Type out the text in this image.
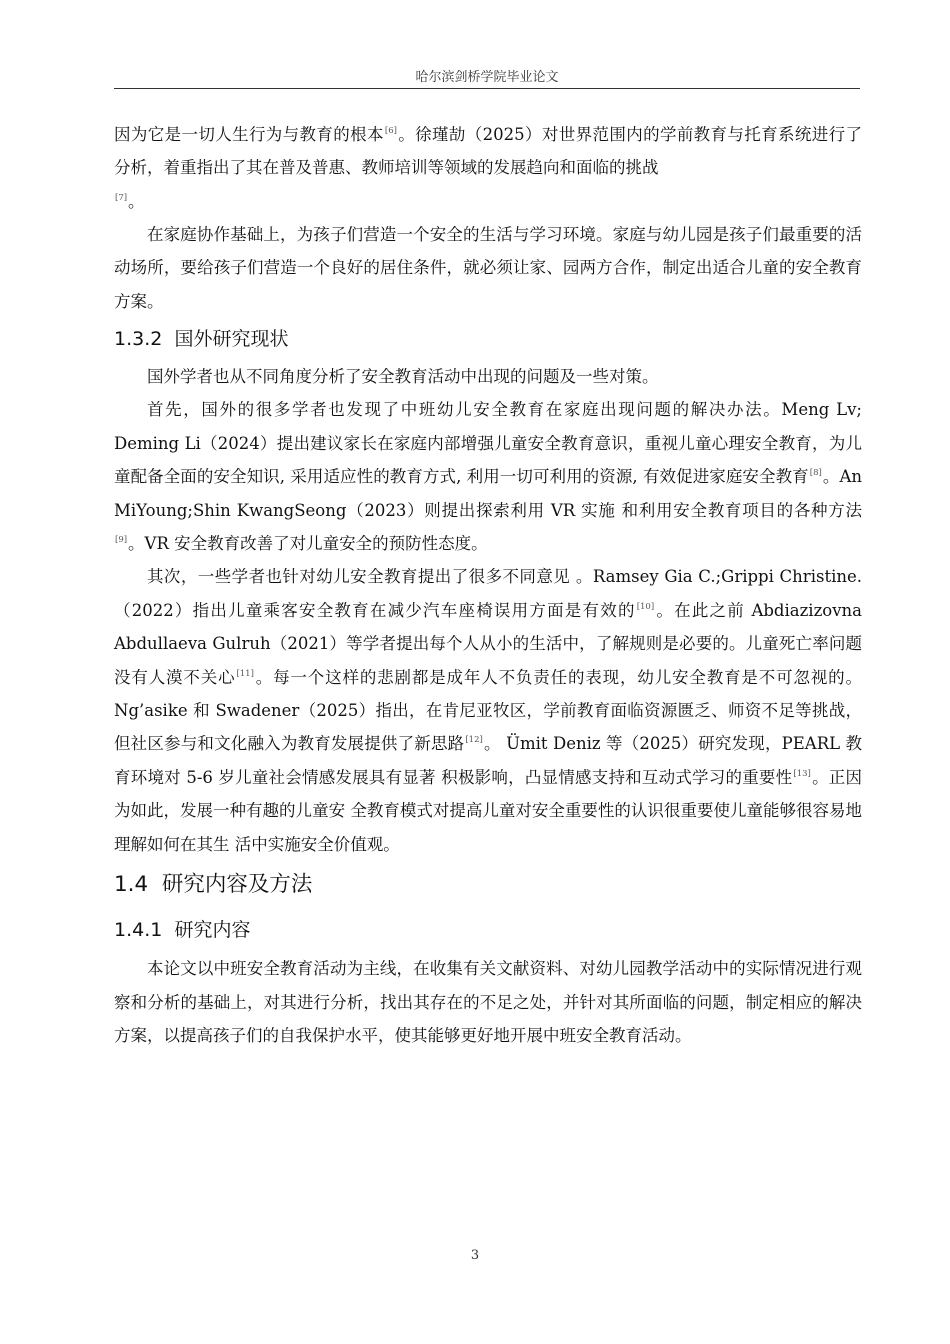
哈尔滨剑桥学院毕业论文

因为它是一切人生行为与教育的根本[6]。徐瑾劼（2025）对世界范围内的学前教育与托育系统进行了分析，着重指出了其在普及普惠、教师培训等领域的发展趋向和面临的挑战
[7]。

在家庭协作基础上，为孩子们营造一个安全的生活与学习环境。家庭与幼儿园是孩子们最重要的活动场所，要给孩子们营造一个良好的居住条件，就必须让家、园两方合作，制定出适合儿童的安全教育方案。

1.3.2 国外研究现状

国外学者也从不同角度分析了安全教育活动中出现的问题及一些对策。

首先，国外的很多学者也发现了中班幼儿安全教育在家庭出现问题的解决办法。Meng Lv; Deming Li（2024）提出建议家长在家庭内部增强儿童安全教育意识，重视儿童心理安全教育，为儿童配备全面的安全知识, 采用适应性的教育方式, 利用一切可利用的资源, 有效促进家庭安全教育[8]。An MiYoung;Shin KwangSeong（2023）则提出探索利用 VR 实施 和利用安全教育项目的各种方法[9]。VR 安全教育改善了对儿童安全的预防性态度。

其次，一些学者也针对幼儿安全教育提出了很多不同意见 。Ramsey Gia C.;Grippi Christine.（2022）指出儿童乘客安全教育在减少汽车座椅误用方面是有效的[10]。在此之前 Abdiazizovna Abdullaeva Gulruh（2021）等学者提出每个人从小的生活中，了解规则是必要的。儿童死亡率问题没有人漠不关心[11]。每一个这样的悲剧都是成年人不负责任的表现，幼儿安全教育是不可忽视的。Ng’asike 和 Swadener（2025）指出，在肯尼亚牧区，学前教育面临资源匮乏、师资不足等挑战，但社区参与和文化融入为教育发展提供了新思路[12]。 Ümit Deniz 等（2025）研究发现，PEARL 教育环境对 5-6 岁儿童社会情感发展具有显著 积极影响，凸显情感支持和互动式学习的重要性[13]。正因为如此，发展一种有趣的儿童安 全教育模式对提高儿童对安全重要性的认识很重要使儿童能够很容易地理解如何在其生 活中实施安全价值观。

1.4 研究内容及方法
1.4.1 研究内容

本论文以中班安全教育活动为主线，在收集有关文献资料、对幼儿园教学活动中的实际情况进行观察和分析的基础上，对其进行分析，找出其存在的不足之处，并针对其所面临的问题，制定相应的解决方案，以提高孩子们的自我保护水平，使其能够更好地开展中班安全教育活动。

3
